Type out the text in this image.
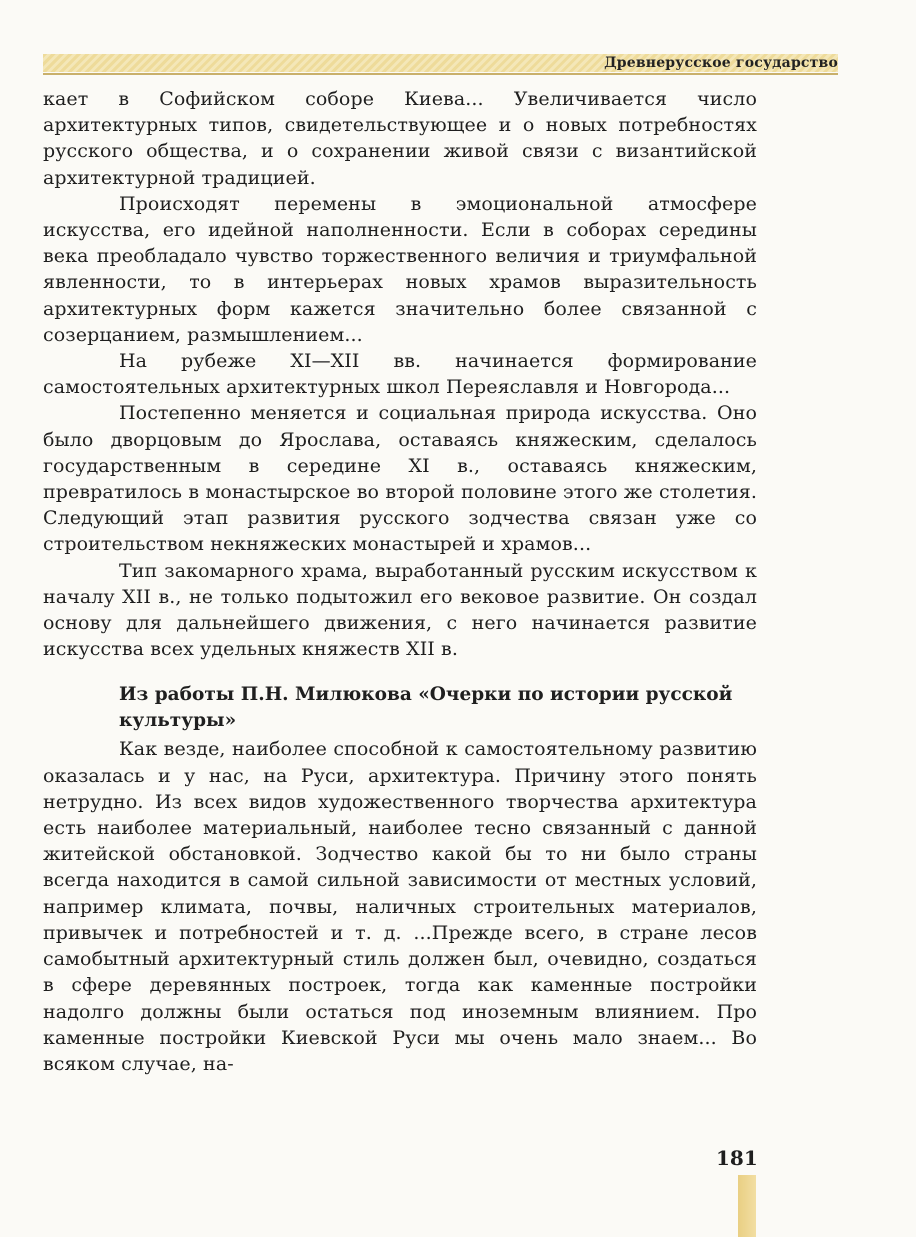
Древнерусское государство

кает в Софийском соборе Киева... Увеличивается число архитектурных типов, свидетельствующее и о новых потребностях русского общества, и о сохранении живой связи с византийской архитектурной традицией.

Происходят перемены в эмоциональной атмосфере искусства, его идейной наполненности. Если в соборах середины века преобладало чувство торжественного величия и триумфальной явленности, то в интерьерах новых храмов выразительность архитектурных форм кажется значительно более связанной с созерцанием, размышлением...

На рубеже XI—XII вв. начинается формирование самостоятельных архитектурных школ Переяславля и Новгорода...

Постепенно меняется и социальная природа искусства. Оно было дворцовым до Ярослава, оставаясь княжеским, сделалось государственным в середине XI в., оставаясь княжеским, превратилось в монастырское во второй половине этого же столетия. Следующий этап развития русского зодчества связан уже со строительством некняжеских монастырей и храмов...

Тип закомарного храма, выработанный русским искусством к началу XII в., не только подытожил его вековое развитие. Он создал основу для дальнейшего движения, с него начинается развитие искусства всех удельных княжеств XII в.

Из работы П.Н. Милюкова «Очерки по истории русской культуры»

Как везде, наиболее способной к самостоятельному развитию оказалась и у нас, на Руси, архитектура. Причину этого понять нетрудно. Из всех видов художественного творчества архитектура есть наиболее материальный, наиболее тесно связанный с данной житейской обстановкой. Зодчество какой бы то ни было страны всегда находится в самой сильной зависимости от местных условий, например климата, почвы, наличных строительных материалов, привычек и потребностей и т. д. ...Прежде всего, в стране лесов самобытный архитектурный стиль должен был, очевидно, создаться в сфере деревянных построек, тогда как каменные постройки надолго должны были остаться под иноземным влиянием. Про каменные постройки Киевской Руси мы очень мало знаем... Во всяком случае, на-

181
